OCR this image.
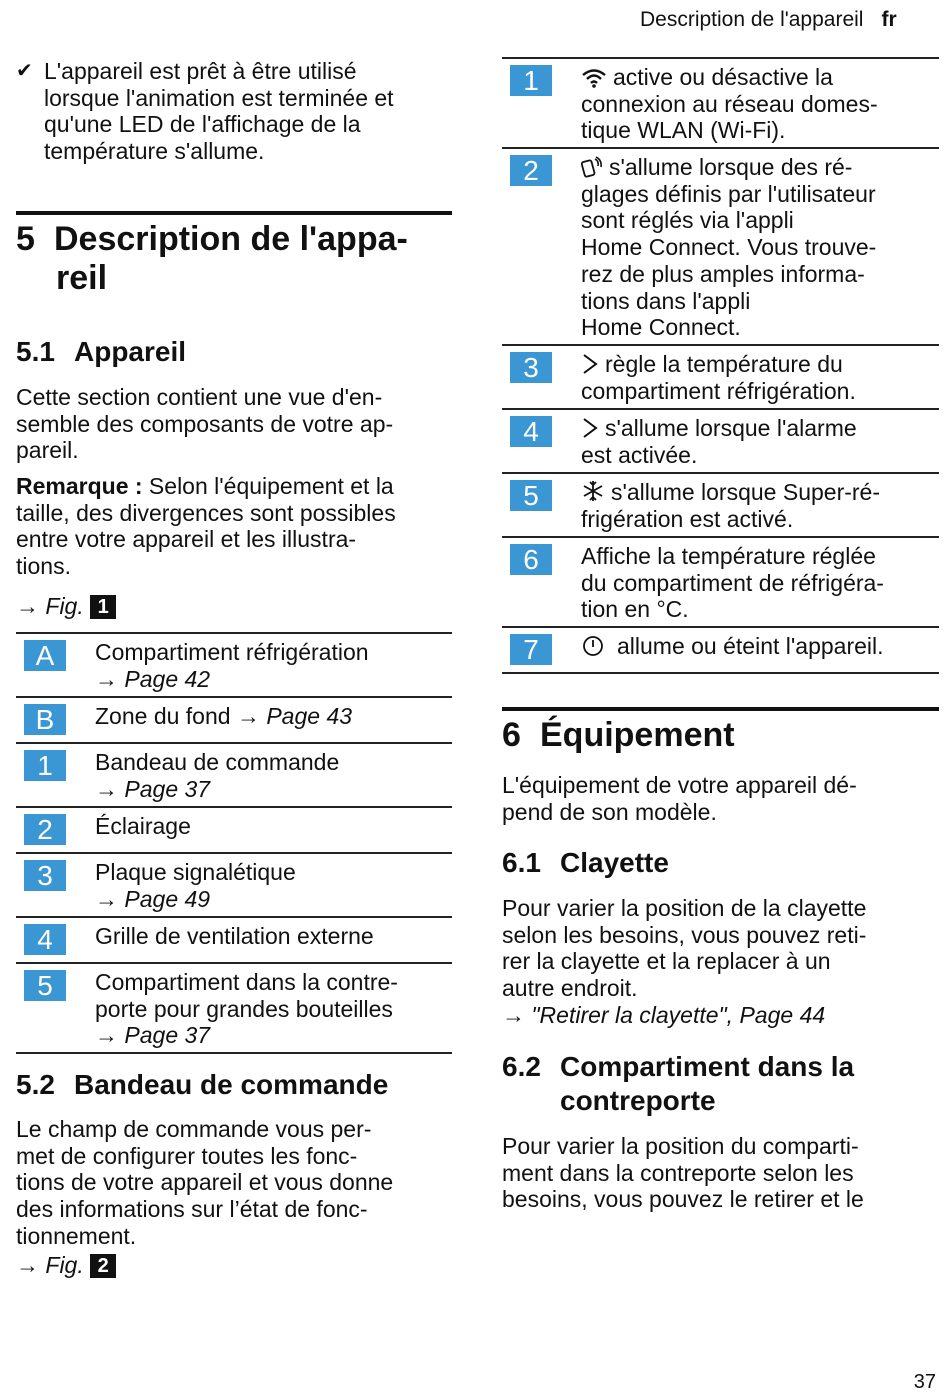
Description de l'appareil fr
✔ L'appareil est prêt à être utilisé
lorsque l'animation est terminée et
qu'une LED de l'affichage de la
température s'allume.
5 Description de l'appa-
reil
5.1 Appareil
Cette section contient une vue d'en-
semble des composants de votre ap-
pareil.
Remarque : Selon l'équipement et la
taille, des divergences sont possibles
entre votre appareil et les illustra-
tions.
→ Fig. 1
A	Compartiment réfrigération
→ Page 42
B	Zone du fond → Page 43
1	Bandeau de commande
→ Page 37
2	Éclairage
3	Plaque signalétique
→ Page 49
4	Grille de ventilation externe
5	Compartiment dans la contre-
porte pour grandes bouteilles
→ Page 37
5.2 Bandeau de commande
Le champ de commande vous per-
met de configurer toutes les fonc-
tions de votre appareil et vous donne
des informations sur l’état de fonc-
tionnement.
→ Fig. 2
1	active ou désactive la
connexion au réseau domes-
tique WLAN (Wi-Fi).
2	s'allume lorsque des ré-
glages définis par l'utilisateur
sont réglés via l'appli
Home Connect. Vous trouve-
rez de plus amples informa-
tions dans l'appli
Home Connect.
3	règle la température du
compartiment réfrigération.
4	s'allume lorsque l'alarme
est activée.
5	s'allume lorsque Super-ré-
frigération est activé.
6	Affiche la température réglée
du compartiment de réfrigéra-
tion en °C.
7	allume ou éteint l'appareil.
6 Équipement
L'équipement de votre appareil dé-
pend de son modèle.
6.1 Clayette
Pour varier la position de la clayette
selon les besoins, vous pouvez reti-
rer la clayette et la replacer à un
autre endroit.
→ "Retirer la clayette", Page 44
6.2 Compartiment dans la
contreporte
Pour varier la position du comparti-
ment dans la contreporte selon les
besoins, vous pouvez le retirer et le
37
